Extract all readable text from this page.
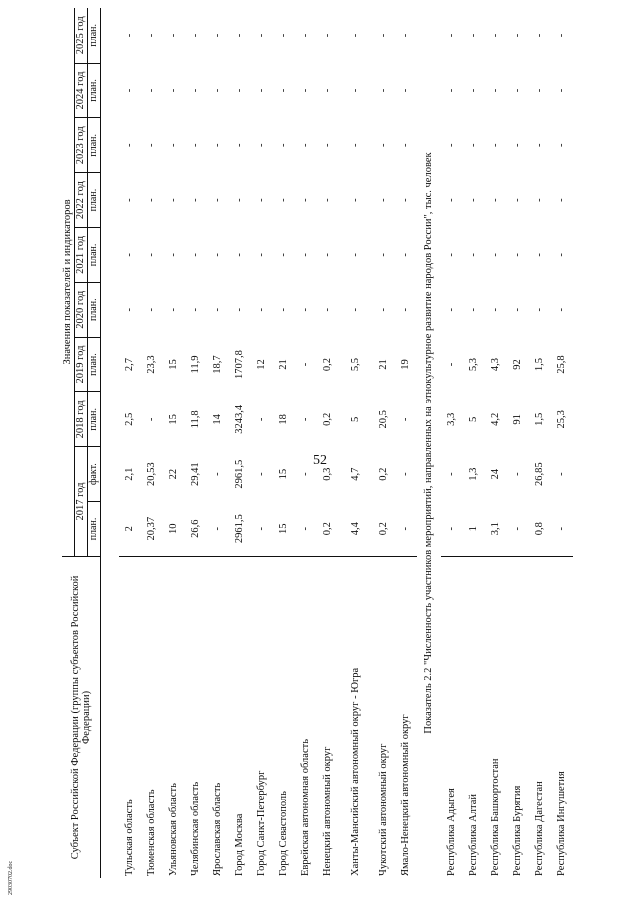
52
29030702.doc
Субъект Российской Федерации (группы субъектов Российской Федерации)	Значения показателей и индикаторов									
	2017 год		2018 год	2019 год	2020 год	2021 год	2022 год	2023 год	2024 год	2025 год
	план.	факт.	план.	план.	план.	план.	план.	план.	план.	план.

Тульская область	2	2,1	2,5	2,7	-	-	-	-	-	-
Тюменская область	20,37	20,53	-	23,3	-	-	-	-	-	-
Ульяновская область	10	22	15	15	-	-	-	-	-	-
Челябинская область	26,6	29,41	11,8	11,9	-	-	-	-	-	-
Ярославская область	-	-	14	18,7	-	-	-	-	-	-
Город Москва	2961,5	2961,5	3243,4	1707,8	-	-	-	-	-	-
Город Санкт-Петербург	-	-	-	12	-	-	-	-	-	-
Город Севастополь	15	15	18	21	-	-	-	-	-	-
Еврейская автономная область	-	-	-	-	-	-	-	-	-	-
Ненецкий автономный округ	0,2	0,3	0,2	0,2	-	-	-	-	-	-
Ханты-Мансийский автономный округ - Югра	4,4	4,7	5	5,5	-	-	-	-	-	-
Чукотский автономный округ	0,2	0,2	20,5	21	-	-	-	-	-	-
Ямало-Ненецкий автономный округ	-	-	-	19	-	-	-	-	-	-
Показатель 2.2 "Численность участников мероприятий, направленных на этнокультурное развитие народов России", тыс. человек										
Республика Адыгея	-	-	3,3	-	-	-	-	-	-	-
Республика Алтай	1	1,3	5	5,3	-	-	-	-	-	-
Республика Башкортостан	3,1	24	4,2	4,3	-	-	-	-	-	-
Республика Бурятия	-	-	91	92	-	-	-	-	-	-
Республика Дагестан	0,8	26,85	1,5	1,5	-	-	-	-	-	-
Республика Ингушетия	-	-	25,3	25,8	-	-	-	-	-	-
